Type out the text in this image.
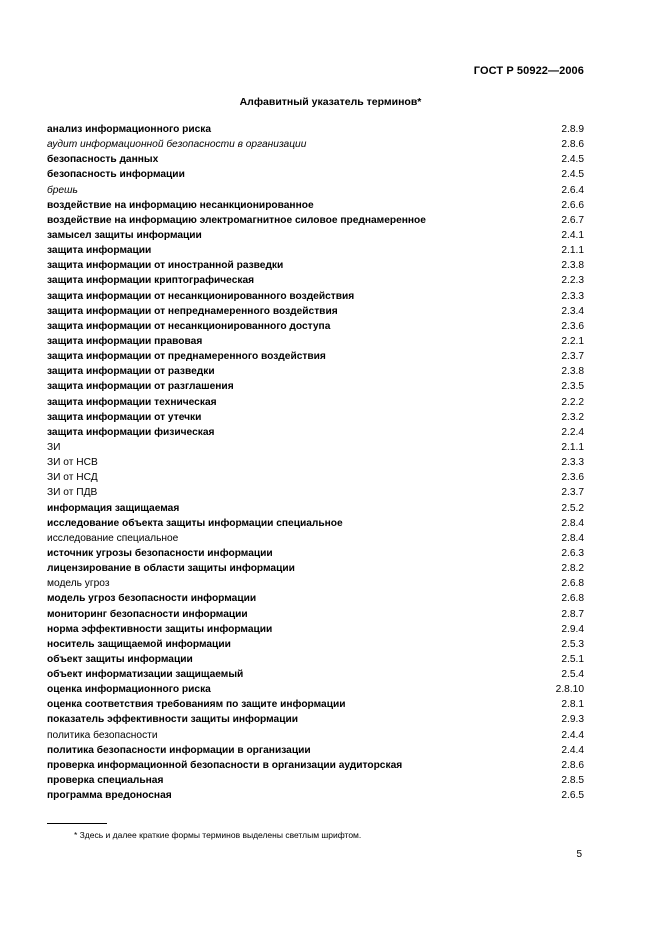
ГОСТ Р 50922—2006
Алфавитный указатель терминов*
анализ информационного риска	2.8.9
аудит информационной безопасности в организации	2.8.6
безопасность данных	2.4.5
безопасность информации	2.4.5
брешь	2.6.4
воздействие на информацию несанкционированное	2.6.6
воздействие на информацию электромагнитное силовое преднамеренное	2.6.7
замысел защиты информации	2.4.1
защита информации	2.1.1
защита информации от иностранной разведки	2.3.8
защита информации криптографическая	2.2.3
защита информации от несанкционированного воздействия	2.3.3
защита информации от непреднамеренного воздействия	2.3.4
защита информации от несанкционированного доступа	2.3.6
защита информации правовая	2.2.1
защита информации от преднамеренного воздействия	2.3.7
защита информации от разведки	2.3.8
защита информации от разглашения	2.3.5
защита информации техническая	2.2.2
защита информации от утечки	2.3.2
защита информации физическая	2.2.4
ЗИ	2.1.1
ЗИ от НСВ	2.3.3
ЗИ от НСД	2.3.6
ЗИ от ПДВ	2.3.7
информация защищаемая	2.5.2
исследование объекта защиты информации специальное	2.8.4
исследование специальное	2.8.4
источник угрозы безопасности информации	2.6.3
лицензирование в области защиты информации	2.8.2
модель угроз	2.6.8
модель угроз безопасности информации	2.6.8
мониторинг безопасности информации	2.8.7
норма эффективности защиты информации	2.9.4
носитель защищаемой информации	2.5.3
объект защиты информации	2.5.1
объект информатизации защищаемый	2.5.4
оценка информационного риска	2.8.10
оценка соответствия требованиям по защите информации	2.8.1
показатель эффективности защиты информации	2.9.3
политика безопасности	2.4.4
политика безопасности информации в организации	2.4.4
проверка информационной безопасности в организации аудиторская	2.8.6
проверка специальная	2.8.5
программа вредоносная	2.6.5
* Здесь и далее краткие формы терминов выделены светлым шрифтом.
5
